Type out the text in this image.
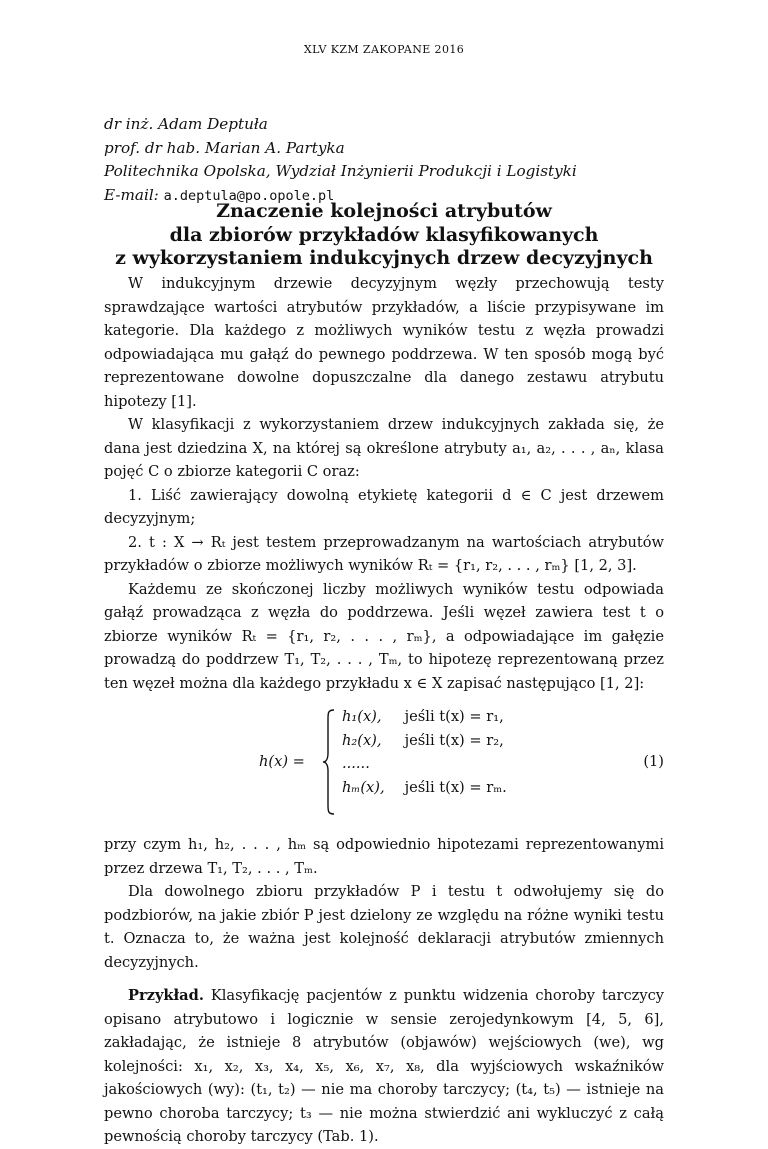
XLV KZM ZAKOPANE 2016
dr inż. Adam Deptuła
prof. dr hab. Marian A. Partyka
Politechnika Opolska, Wydział Inżynierii Produkcji i Logistyki
E-mail: a.deptula@po.opole.pl
Znaczenie kolejności atrybutów
dla zbiorów przykładów klasyfikowanych
z wykorzystaniem indukcyjnych drzew decyzyjnych

W indukcyjnym drzewie decyzyjnym węzły przechowują testy sprawdzające wartości atrybutów przykładów, a liście przypisywane im kategorie. Dla każdego z możliwych wyników testu z węzła prowadzi odpowiadająca mu gałąź do pewnego poddrzewa. W ten sposób mogą być reprezentowane dowolne dopuszczalne dla danego zestawu atrybutu hipotezy [1].

W klasyfikacji z wykorzystaniem drzew indukcyjnych zakłada się, że dana jest dziedzina X, na której są określone atrybuty a₁, a₂, . . . , aₙ, klasa pojęć C o zbiorze kategorii C oraz:

1. Liść zawierający dowolną etykietę kategorii d ∈ C jest drzewem decyzyjnym;

2. t : X → Rₜ jest testem przeprowadzanym na wartościach atrybutów przykładów o zbiorze możliwych wyników Rₜ = {r₁, r₂, . . . , rₘ} [1, 2, 3].

Każdemu ze skończonej liczby możliwych wyników testu odpowiada gałąź prowadząca z węzła do poddrzewa. Jeśli węzeł zawiera test t o zbiorze wyników Rₜ = {r₁, r₂, . . . , rₘ}, a odpowiadające im gałęzie prowadzą do poddrzew T₁, T₂, . . . , Tₘ, to hipotezę reprezentowaną przez ten węzeł można dla każdego przykładu x ∈ X zapisać następująco [1, 2]:

h(x) =
h₁(x), jeśli t(x) = r₁,
h₂(x), jeśli t(x) = r₂,
......
hₘ(x), jeśli t(x) = rₘ.
(1)

przy czym h₁, h₂, . . . , hₘ są odpowiednio hipotezami reprezentowanymi przez drzewa T₁, T₂, . . . , Tₘ.

Dla dowolnego zbioru przykładów P i testu t odwołujemy się do podzbiorów, na jakie zbiór P jest dzielony ze względu na różne wyniki testu t. Oznacza to, że ważna jest kolejność deklaracji atrybutów zmiennych decyzyjnych.

Przykład. Klasyfikację pacjentów z punktu widzenia choroby tarczycy opisano atrybutowo i logicznie w sensie zerojedynkowym [4, 5, 6], zakładając, że istnieje 8 atrybutów (objawów) wejściowych (we), wg kolejności: x₁, x₂, x₃, x₄, x₅, x₆, x₇, x₈, dla wyjściowych wskaźników jakościowych (wy): (t₁, t₂) — nie ma choroby tarczycy; (t₄, t₅) — istnieje na pewno choroba tarczycy; t₃ — nie można stwierdzić ani wykluczyć z całą pewnością choroby tarczycy (Tab. 1).
